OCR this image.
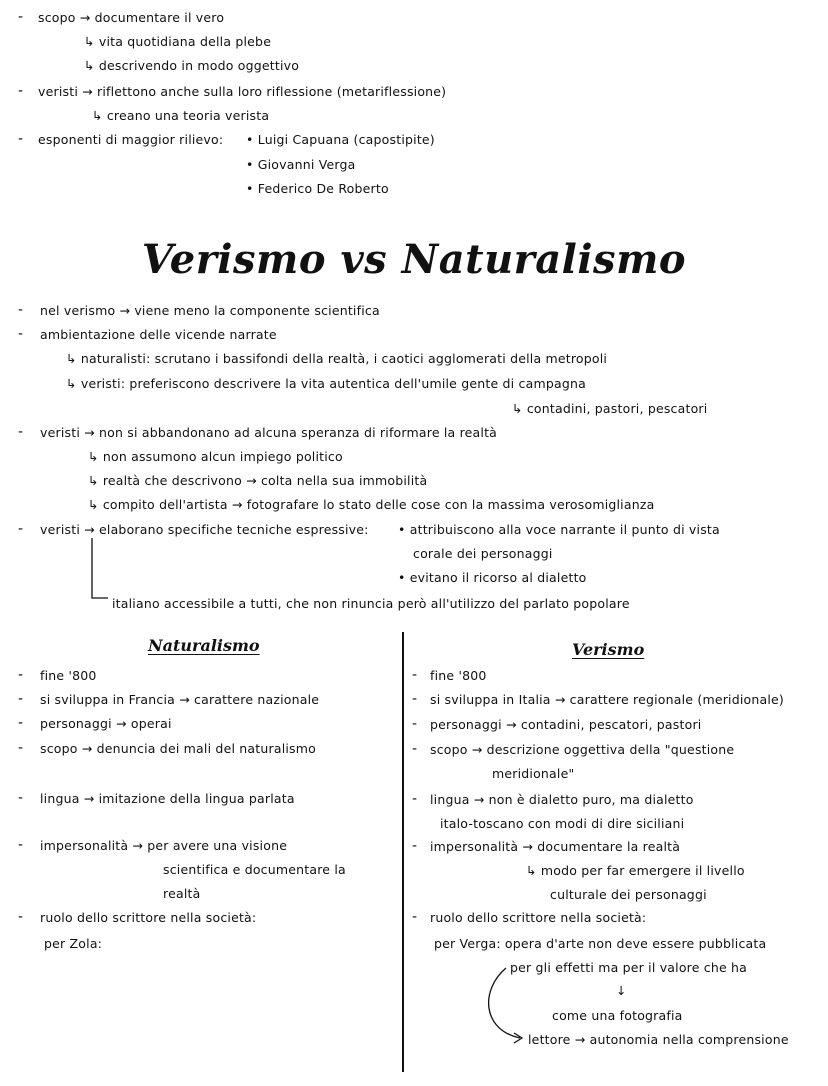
- scopo → documentare il vero
↳ vita quotidiana della plebe
↳ descrivendo in modo oggettivo
- veristi → riflettono anche sulla loro riflessione (metariflessione)
↳ creano una teoria verista
- esponenti di maggior rilievo: • Luigi Capuana (capostipite)
• Giovanni Verga
• Federico De Roberto
Verismo vs Naturalismo
- nel verismo → viene meno la componente scientifica
- ambientazione delle vicende narrate
↳ naturalisti: scrutano i bassifondi della realtà, i caotici agglomerati della metropoli
↳ veristi: preferiscono descrivere la vita autentica dell'umile gente di campagna
↳ contadini, pastori, pescatori
- veristi → non si abbandonano ad alcuna speranza di riformare la realtà
↳ non assumono alcun impiego politico
↳ realtà che descrivono → colta nella sua immobilità
↳ compito dell'artista → fotografare lo stato delle cose con la massima verosomiglianza
- veristi → elaborano specifiche tecniche espressive: • attribuiscono alla voce narrante il punto di vista
corale dei personaggi
• evitano il ricorso al dialetto
italiano accessibile a tutti, che non rinuncia però all'utilizzo del parlato popolare
Naturalismo	Verismo
- fine '800
- si sviluppa in Francia → carattere nazionale
- personaggi → operai
- scopo → denuncia dei mali del naturalismo
- lingua → imitazione della lingua parlata
- impersonalità → per avere una visione
scientifica e documentare la
realtà
- ruolo dello scrittore nella società:
per Zola:
- fine '800
- si sviluppa in Italia → carattere regionale (meridionale)
- personaggi → contadini, pescatori, pastori
- scopo → descrizione oggettiva della "questione
meridionale"
- lingua → non è dialetto puro, ma dialetto
italo-toscano con modi di dire siciliani
- impersonalità → documentare la realtà
↳ modo per far emergere il livello
culturale dei personaggi
- ruolo dello scrittore nella società:
per Verga: opera d'arte non deve essere pubblicata
per gli effetti ma per il valore che ha
↓
come una fotografia
lettore → autonomia nella comprensione
